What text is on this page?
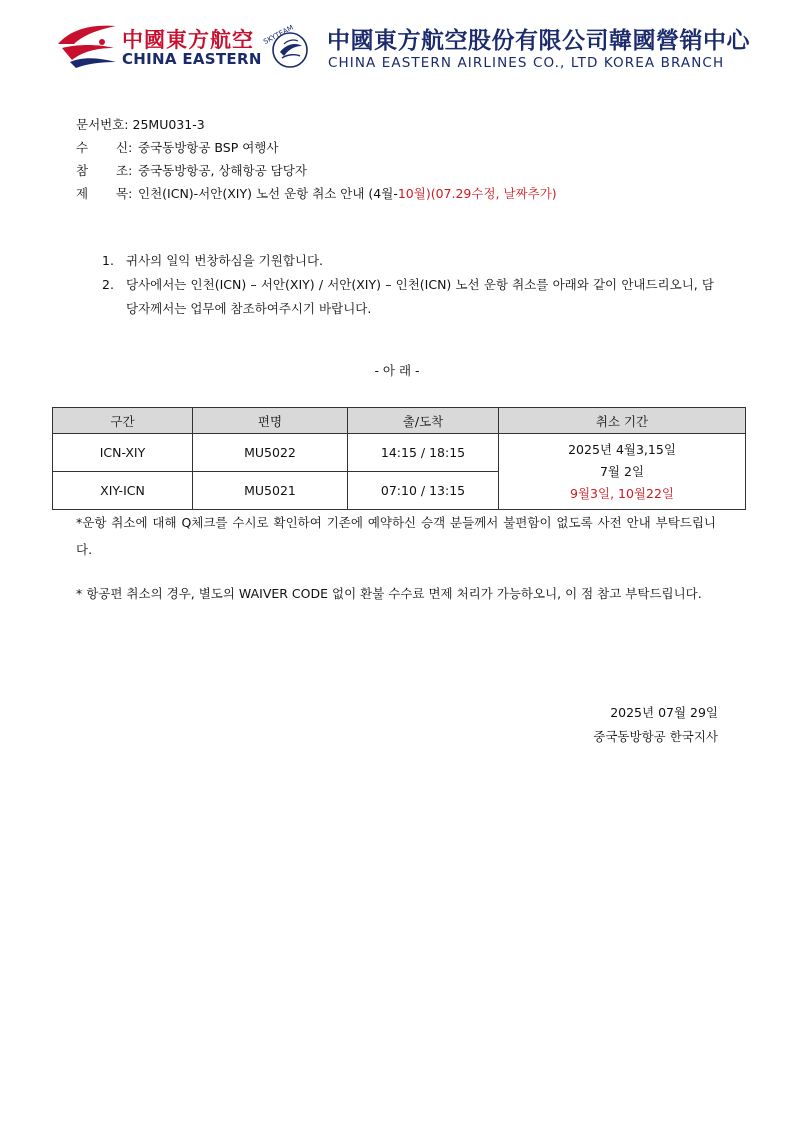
中國東方航空
CHINA EASTERN
SKYTEAM 中國東方航空股份有限公司韓國營销中心
CHINA EASTERN AIRLINES CO., LTD KOREA BRANCH
문서번호: 25MU031-3
수 신: 중국동방항공 BSP 여행사
참 조: 중국동방항공, 상해항공 담당자
제 목: 인천(ICN)-서안(XIY) 노선 운항 취소 안내 (4월-10월)(07.29수정, 날짜추가)
1. 귀사의 일익 번창하심을 기원합니다.
2. 당사에서는 인천(ICN) – 서안(XIY) / 서안(XIY) – 인천(ICN) 노선 운항 취소를 아래와 같이 안내드리오니, 담당자께서는 업무에 참조하여주시기 바랍니다.
- 아 래 -
구간	편명	출/도착	취소 기간
ICN-XIY	MU5022	14:15 / 18:15	2025년 4월3,15일
7월 2일
9월3일, 10월22일

XIY-ICN	MU5021	07:10 / 13:15	
*운항 취소에 대해 Q체크를 수시로 확인하여 기존에 예약하신 승객 분들께서 불편함이 없도록 사전 안내 부탁드립니다.
* 항공편 취소의 경우, 별도의 WAIVER CODE 없이 환불 수수료 면제 처리가 가능하오니, 이 점 참고 부탁드립니다.
2025년 07월 29일
중국동방항공 한국지사
